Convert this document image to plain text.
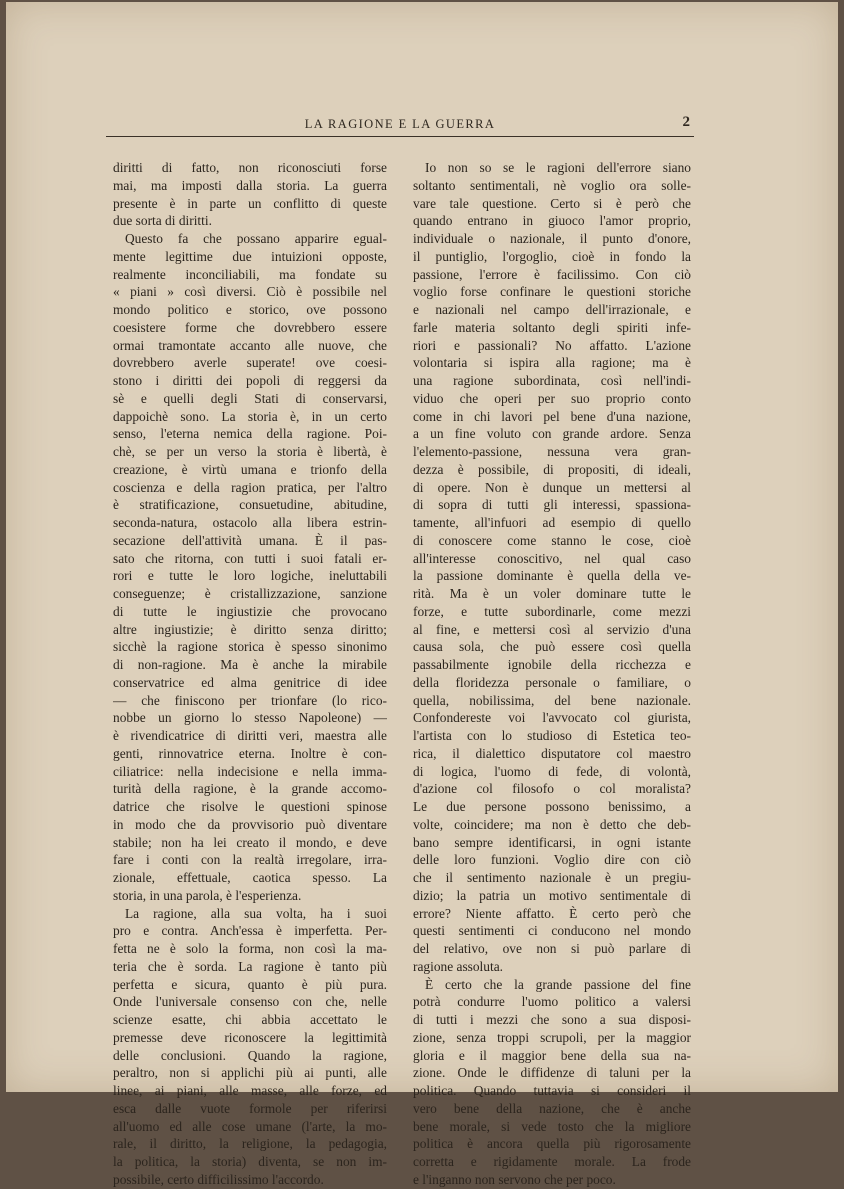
LA RAGIONE E LA GUERRA	2
diritti di fatto, non riconosciuti forse
mai, ma imposti dalla storia. La guerra
presente è in parte un conflitto di queste
due sorta di diritti.
Questo fa che possano apparire egual-
mente legittime due intuizioni opposte,
realmente inconciliabili, ma fondate su
« piani » così diversi. Ciò è possibile nel
mondo politico e storico, ove possono
coesistere forme che dovrebbero essere
ormai tramontate accanto alle nuove, che
dovrebbero averle superate! ove coesi-
stono i diritti dei popoli di reggersi da
sè e quelli degli Stati di conservarsi,
dappoichè sono. La storia è, in un certo
senso, l'eterna nemica della ragione. Poi-
chè, se per un verso la storia è libertà, è
creazione, è virtù umana e trionfo della
coscienza e della ragion pratica, per l'altro
è stratificazione, consuetudine, abitudine,
seconda-natura, ostacolo alla libera estrin-
secazione dell'attività umana. È il pas-
sato che ritorna, con tutti i suoi fatali er-
rori e tutte le loro logiche, ineluttabili
conseguenze; è cristallizzazione, sanzione
di tutte le ingiustizie che provocano
altre ingiustizie; è diritto senza diritto;
sicchè la ragione storica è spesso sinonimo
di non-ragione. Ma è anche la mirabile
conservatrice ed alma genitrice di idee
— che finiscono per trionfare (lo rico-
nobbe un giorno lo stesso Napoleone) —
è rivendicatrice di diritti veri, maestra alle
genti, rinnovatrice eterna. Inoltre è con-
ciliatrice: nella indecisione e nella imma-
turità della ragione, è la grande accomo-
datrice che risolve le questioni spinose
in modo che da provvisorio può diventare
stabile; non ha lei creato il mondo, e deve
fare i conti con la realtà irregolare, irra-
zionale, effettuale, caotica spesso. La
storia, in una parola, è l'esperienza.
La ragione, alla sua volta, ha i suoi
pro e contra. Anch'essa è imperfetta. Per-
fetta ne è solo la forma, non così la ma-
teria che è sorda. La ragione è tanto più
perfetta e sicura, quanto è più pura.
Onde l'universale consenso con che, nelle
scienze esatte, chi abbia accettato le
premesse deve riconoscere la legittimità
delle conclusioni. Quando la ragione,
peraltro, non si applichi più ai punti, alle
linee, ai piani, alle masse, alle forze, ed
esca dalle vuote formole per riferirsi
all'uomo ed alle cose umane (l'arte, la mo-
rale, il diritto, la religione, la pedagogia,
la politica, la storia) diventa, se non im-
possibile, certo difficilissimo l'accordo.
Io non so se le ragioni dell'errore siano
soltanto sentimentali, nè voglio ora solle-
vare tale questione. Certo si è però che
quando entrano in giuoco l'amor proprio,
individuale o nazionale, il punto d'onore,
il puntiglio, l'orgoglio, cioè in fondo la
passione, l'errore è facilissimo. Con ciò
voglio forse confinare le questioni storiche
e nazionali nel campo dell'irrazionale, e
farle materia soltanto degli spiriti infe-
riori e passionali? No affatto. L'azione
volontaria si ispira alla ragione; ma è
una ragione subordinata, così nell'indi-
viduo che operi per suo proprio conto
come in chi lavori pel bene d'una nazione,
a un fine voluto con grande ardore. Senza
l'elemento-passione, nessuna vera gran-
dezza è possibile, di propositi, di ideali,
di opere. Non è dunque un mettersi al
di sopra di tutti gli interessi, spassiona-
tamente, all'infuori ad esempio di quello
di conoscere come stanno le cose, cioè
all'interesse conoscitivo, nel qual caso
la passione dominante è quella della ve-
rità. Ma è un voler dominare tutte le
forze, e tutte subordinarle, come mezzi
al fine, e mettersi così al servizio d'una
causa sola, che può essere così quella
passabilmente ignobile della ricchezza e
della floridezza personale o familiare, o
quella, nobilissima, del bene nazionale.
Confondereste voi l'avvocato col giurista,
l'artista con lo studioso di Estetica teo-
rica, il dialettico disputatore col maestro
di logica, l'uomo di fede, di volontà,
d'azione col filosofo o col moralista?
Le due persone possono benissimo, a
volte, coincidere; ma non è detto che deb-
bano sempre identificarsi, in ogni istante
delle loro funzioni. Voglio dire con ciò
che il sentimento nazionale è un pregiu-
dizio; la patria un motivo sentimentale di
errore? Niente affatto. È certo però che
questi sentimenti ci conducono nel mondo
del relativo, ove non si può parlare di
ragione assoluta.
È certo che la grande passione del fine
potrà condurre l'uomo politico a valersi
di tutti i mezzi che sono a sua disposi-
zione, senza troppi scrupoli, per la maggior
gloria e il maggior bene della sua na-
zione. Onde le diffidenze di taluni per la
politica. Quando tuttavia si consideri il
vero bene della nazione, che è anche
bene morale, si vede tosto che la migliore
politica è ancora quella più rigorosamente
corretta e rigidamente morale. La frode
e l'inganno non servono che per poco.
